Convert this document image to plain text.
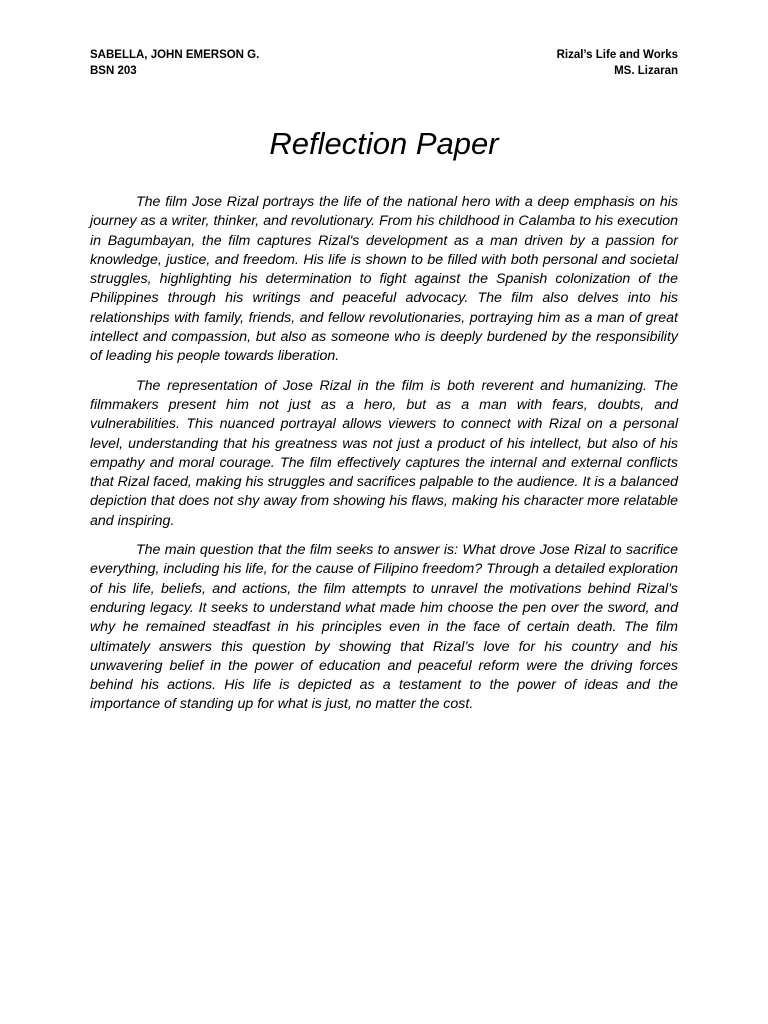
SABELLA, JOHN EMERSON G.
BSN 203
Rizal’s Life and Works
MS. Lizaran
Reflection Paper

The film Jose Rizal portrays the life of the national hero with a deep emphasis on his journey as a writer, thinker, and revolutionary. From his childhood in Calamba to his execution in Bagumbayan, the film captures Rizal's development as a man driven by a passion for knowledge, justice, and freedom. His life is shown to be filled with both personal and societal struggles, highlighting his determination to fight against the Spanish colonization of the Philippines through his writings and peaceful advocacy. The film also delves into his relationships with family, friends, and fellow revolutionaries, portraying him as a man of great intellect and compassion, but also as someone who is deeply burdened by the responsibility of leading his people towards liberation.

The representation of Jose Rizal in the film is both reverent and humanizing. The filmmakers present him not just as a hero, but as a man with fears, doubts, and vulnerabilities. This nuanced portrayal allows viewers to connect with Rizal on a personal level, understanding that his greatness was not just a product of his intellect, but also of his empathy and moral courage. The film effectively captures the internal and external conflicts that Rizal faced, making his struggles and sacrifices palpable to the audience. It is a balanced depiction that does not shy away from showing his flaws, making his character more relatable and inspiring.

The main question that the film seeks to answer is: What drove Jose Rizal to sacrifice everything, including his life, for the cause of Filipino freedom? Through a detailed exploration of his life, beliefs, and actions, the film attempts to unravel the motivations behind Rizal's enduring legacy. It seeks to understand what made him choose the pen over the sword, and why he remained steadfast in his principles even in the face of certain death. The film ultimately answers this question by showing that Rizal’s love for his country and his unwavering belief in the power of education and peaceful reform were the driving forces behind his actions. His life is depicted as a testament to the power of ideas and the importance of standing up for what is just, no matter the cost.
